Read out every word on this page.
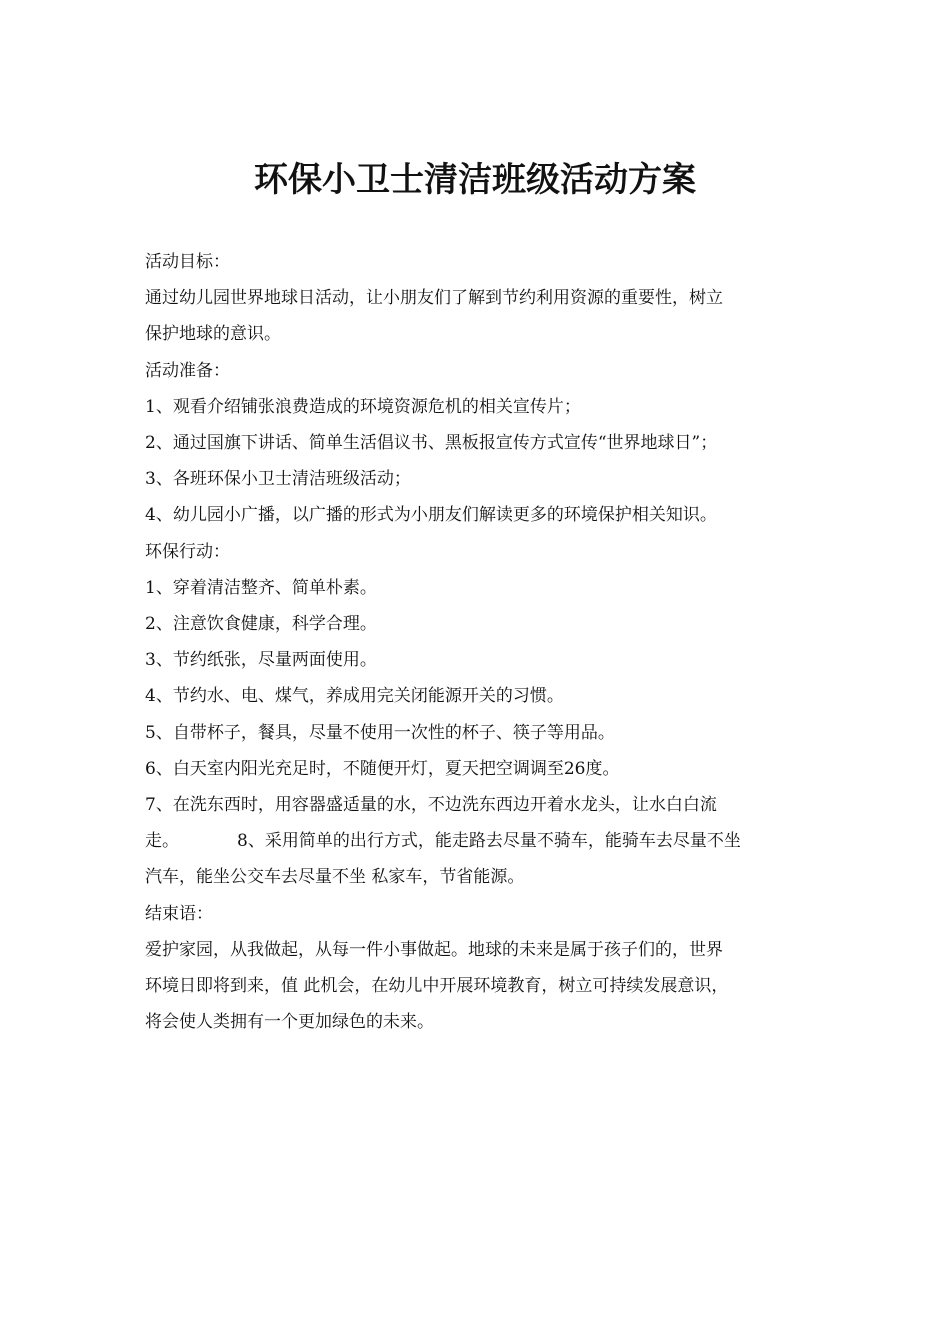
环保小卫士清洁班级活动方案
活动目标：
通过幼儿园世界地球日活动，让小朋友们了解到节约利用资源的重要性，树立
保护地球的意识。
活动准备：
1、观看介绍铺张浪费造成的环境资源危机的相关宣传片；
2、通过国旗下讲话、简单生活倡议书、黑板报宣传方式宣传“世界地球日”；
3、各班环保小卫士清洁班级活动；
4、幼儿园小广播，以广播的形式为小朋友们解读更多的环境保护相关知识。
环保行动：
1、穿着清洁整齐、简单朴素。
2、注意饮食健康，科学合理。
3、节约纸张，尽量两面使用。
4、节约水、电、煤气，养成用完关闭能源开关的习惯。
5、自带杯子，餐具，尽量不使用一次性的杯子、筷子等用品。
6、白天室内阳光充足时，不随便开灯，夏天把空调调至26度。
7、在洗东西时，用容器盛适量的水，不边洗东西边开着水龙头，让水白白流
走。	8、采用简单的出行方式，能走路去尽量不骑车，能骑车去尽量不坐
汽车，能坐公交车去尽量不坐 私家车，节省能源。
结束语：
爱护家园，从我做起，从每一件小事做起。地球的未来是属于孩子们的，世界
环境日即将到来，值 此机会，在幼儿中开展环境教育，树立可持续发展意识，
将会使人类拥有一个更加绿色的未来。
